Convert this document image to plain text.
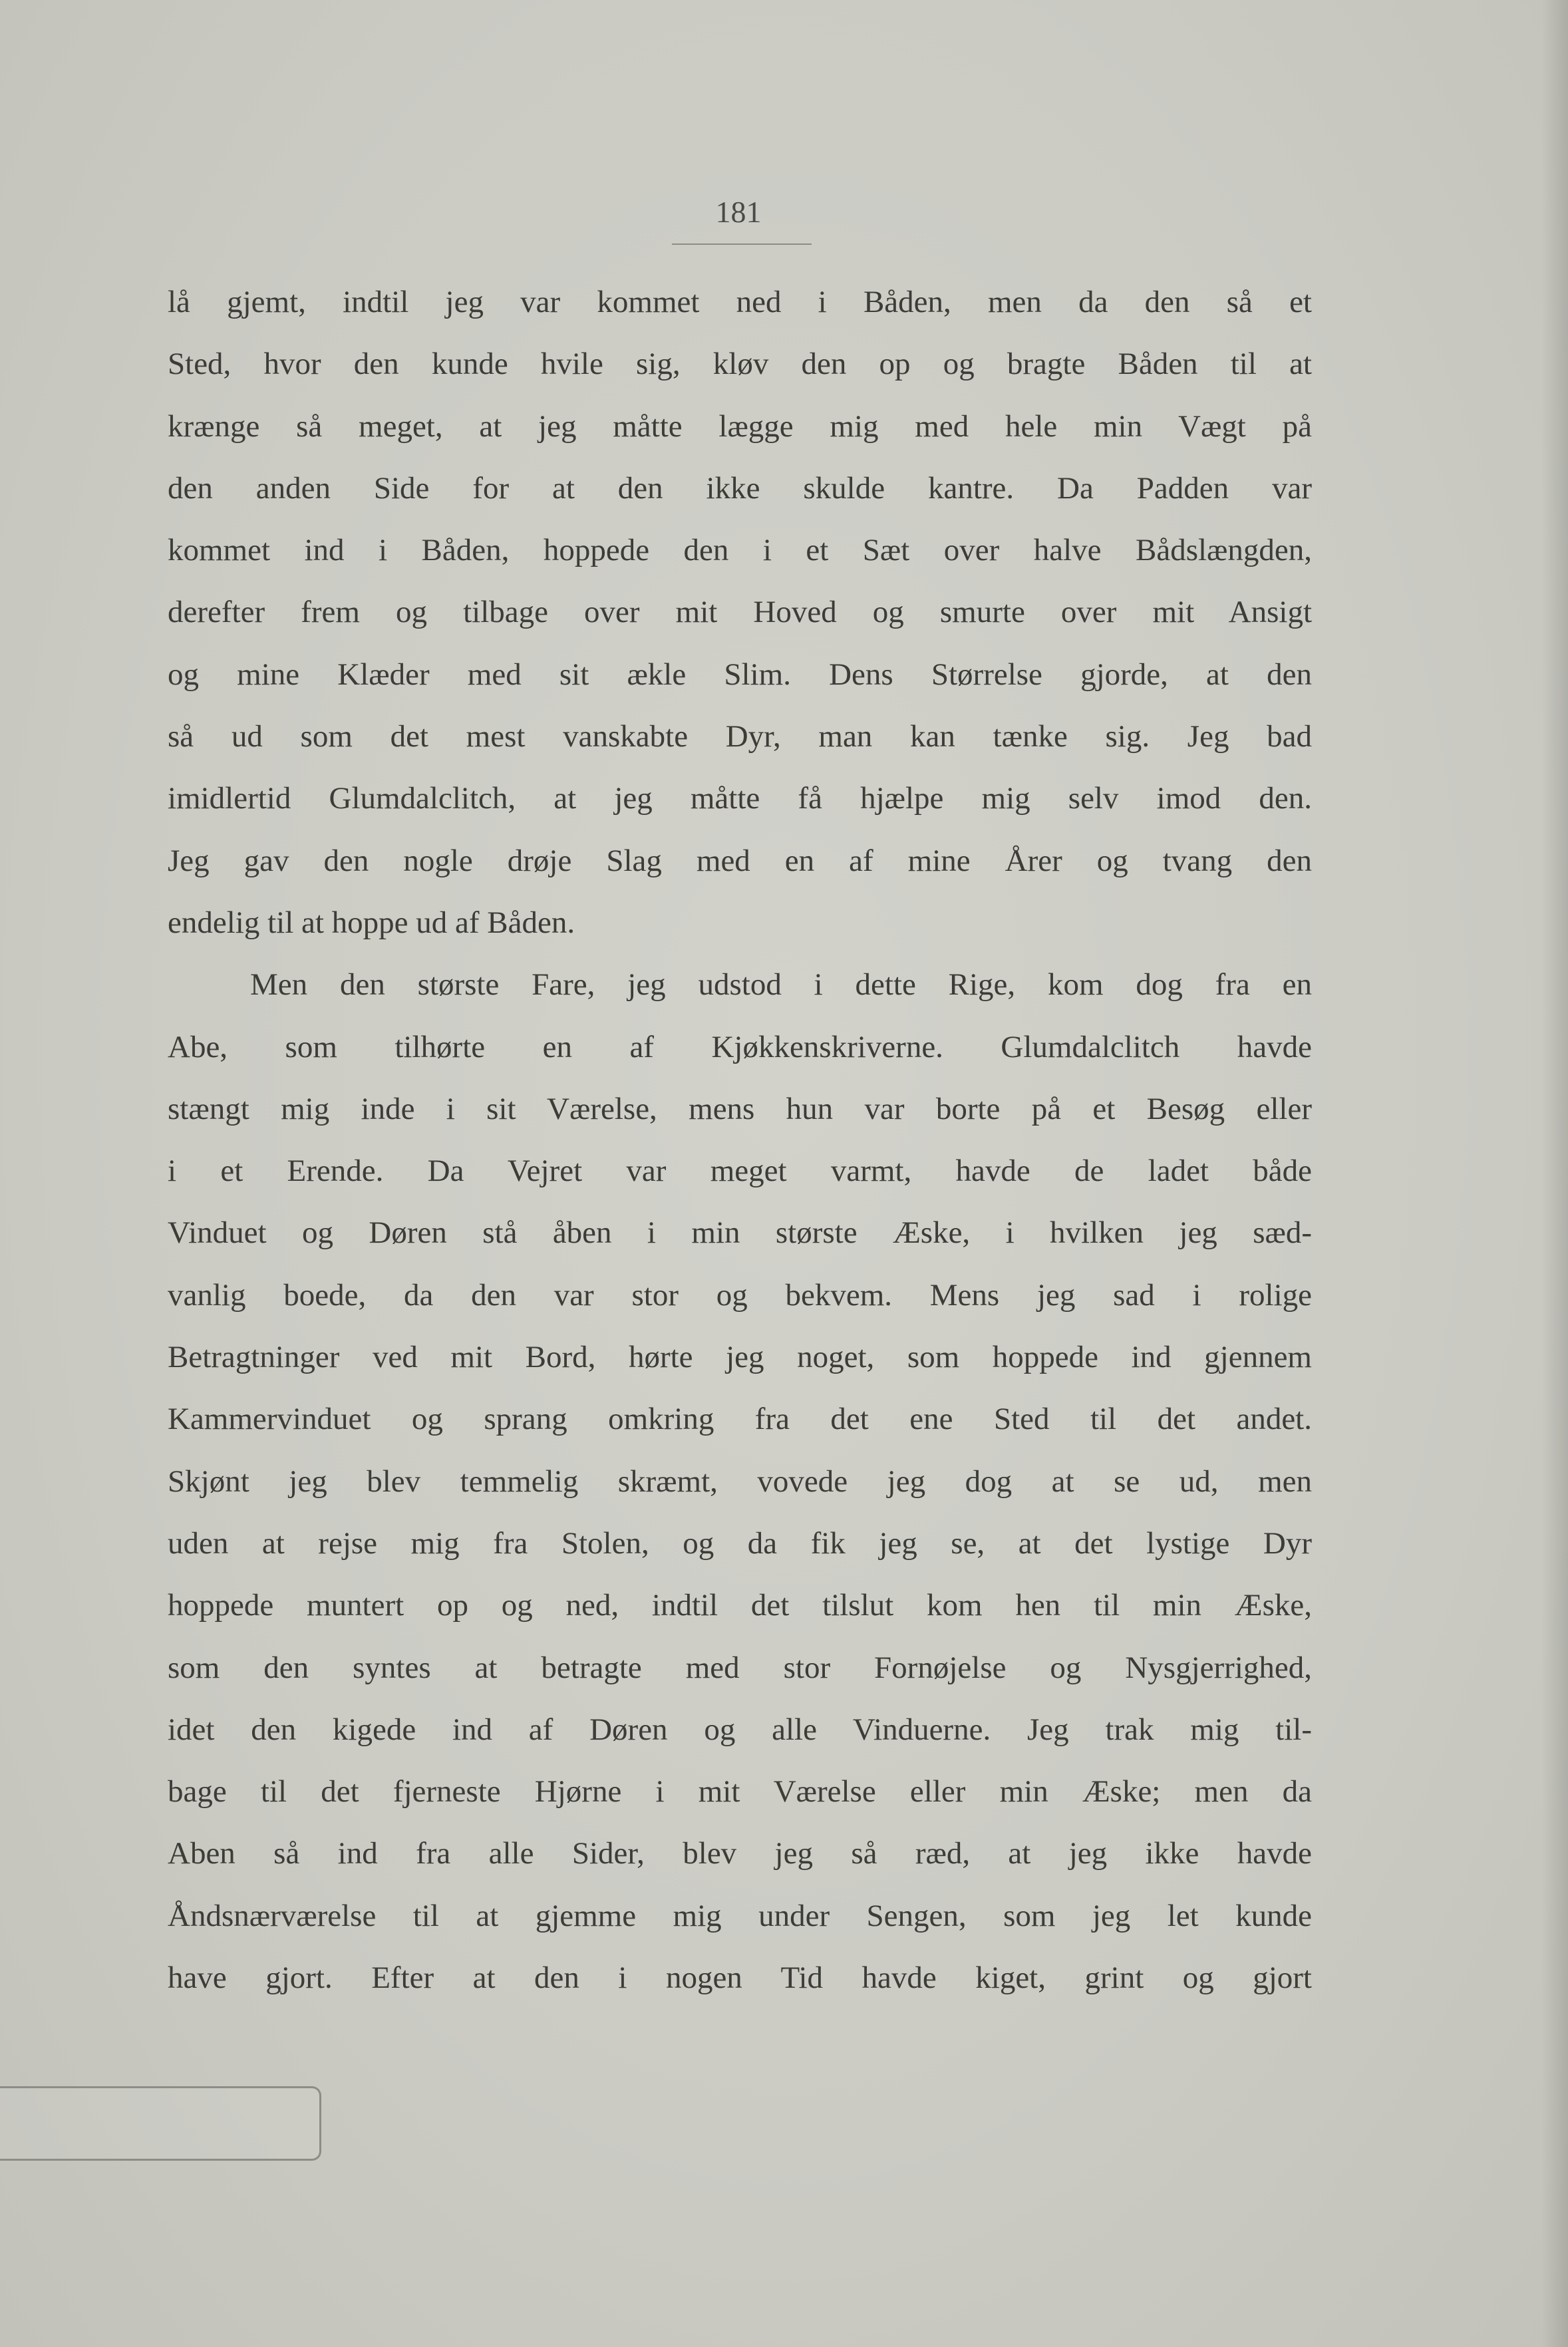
181
lå gjemt, indtil jeg var kommet ned i Båden, men da den så et
Sted, hvor den kunde hvile sig, kløv den op og bragte Båden til at
krænge så meget, at jeg måtte lægge mig med hele min Vægt på
den anden Side for at den ikke skulde kantre. Da Padden var
kommet ind i Båden, hoppede den i et Sæt over halve Bådslængden,
derefter frem og tilbage over mit Hoved og smurte over mit Ansigt
og mine Klæder med sit ækle Slim. Dens Størrelse gjorde, at den
så ud som det mest vanskabte Dyr, man kan tænke sig. Jeg bad
imidlertid Glumdalclitch, at jeg måtte få hjælpe mig selv imod den.
Jeg gav den nogle drøje Slag med en af mine Årer og tvang den
endelig til at hoppe ud af Båden.
Men den største Fare, jeg udstod i dette Rige, kom dog fra en
Abe, som tilhørte en af Kjøkkenskriverne. Glumdalclitch havde
stængt mig inde i sit Værelse, mens hun var borte på et Besøg eller
i et Erende. Da Vejret var meget varmt, havde de ladet både
Vinduet og Døren stå åben i min største Æske, i hvilken jeg sæd-
vanlig boede, da den var stor og bekvem. Mens jeg sad i rolige
Betragtninger ved mit Bord, hørte jeg noget, som hoppede ind gjennem
Kammervinduet og sprang omkring fra det ene Sted til det andet.
Skjønt jeg blev temmelig skræmt, vovede jeg dog at se ud, men
uden at rejse mig fra Stolen, og da fik jeg se, at det lystige Dyr
hoppede muntert op og ned, indtil det tilslut kom hen til min Æske,
som den syntes at betragte med stor Fornøjelse og Nysgjerrighed,
idet den kigede ind af Døren og alle Vinduerne. Jeg trak mig til-
bage til det fjerneste Hjørne i mit Værelse eller min Æske; men da
Aben så ind fra alle Sider, blev jeg så ræd, at jeg ikke havde
Åndsnærværelse til at gjemme mig under Sengen, som jeg let kunde
have gjort. Efter at den i nogen Tid havde kiget, grint og gjort
